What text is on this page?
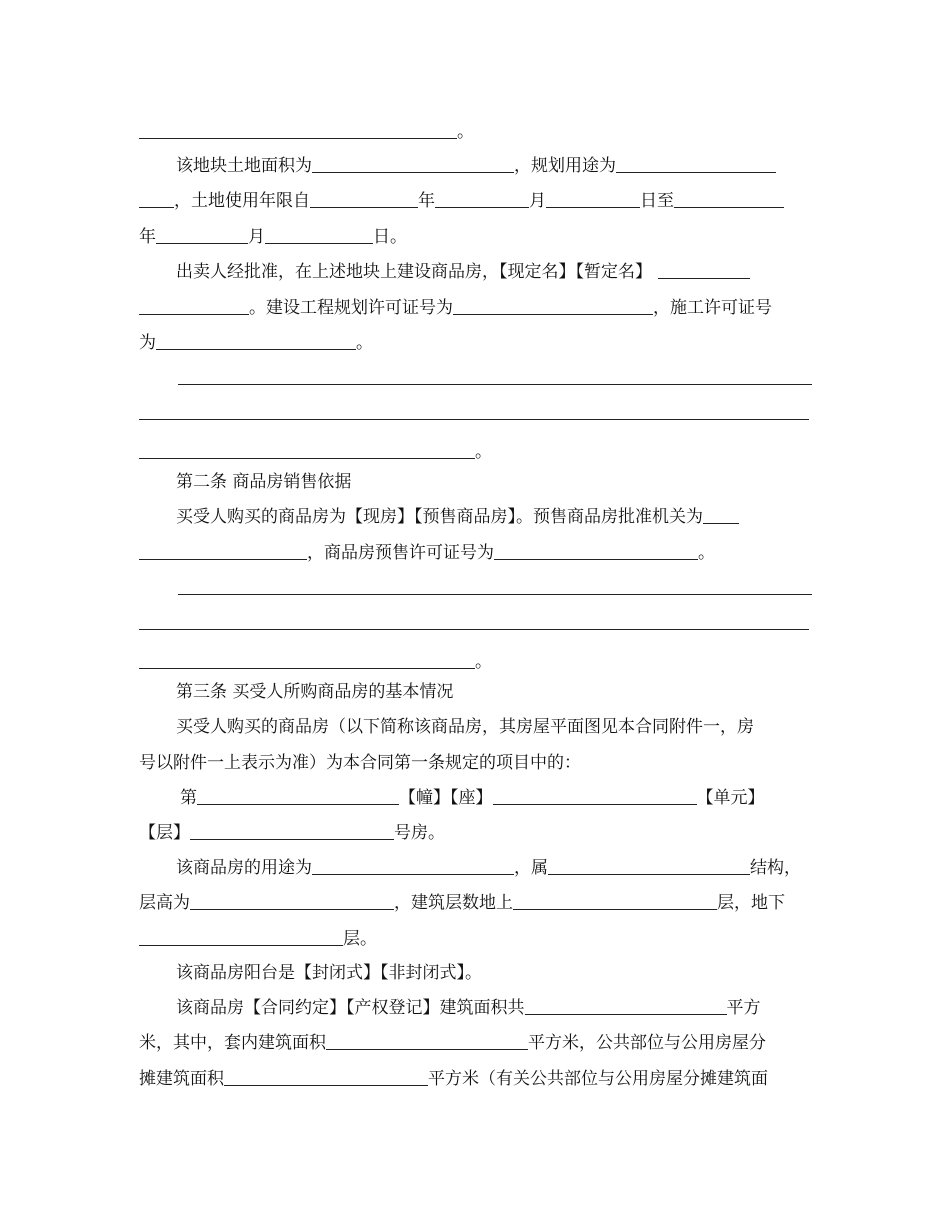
。
该地块土地面积为	，规划用途为
，土地使用年限自	年	月	日至
年	月	日。
出卖人经批准，在上述地块上建设商品房，【现定名】【暂定名】
。建设工程规划许可证号为	，施工许可证号
为	。
。
第二条 商品房销售依据
买受人购买的商品房为【现房】【预售商品房】。预售商品房批准机关为
，商品房预售许可证号为	。
。
第三条 买受人所购商品房的基本情况
买受人购买的商品房（以下简称该商品房，其房屋平面图见本合同附件一，房
号以附件一上表示为准）为本合同第一条规定的项目中的：
第	【幢】【座】	【单元】
【层】	号房。
该商品房的用途为	，属	结构，
层高为	，建筑层数地上	层，地下
层。
该商品房阳台是【封闭式】【非封闭式】。
该商品房【合同约定】【产权登记】建筑面积共	平方
米，其中，套内建筑面积	平方米，公共部位与公用房屋分
摊建筑面积	平方米（有关公共部位与公用房屋分摊建筑面
